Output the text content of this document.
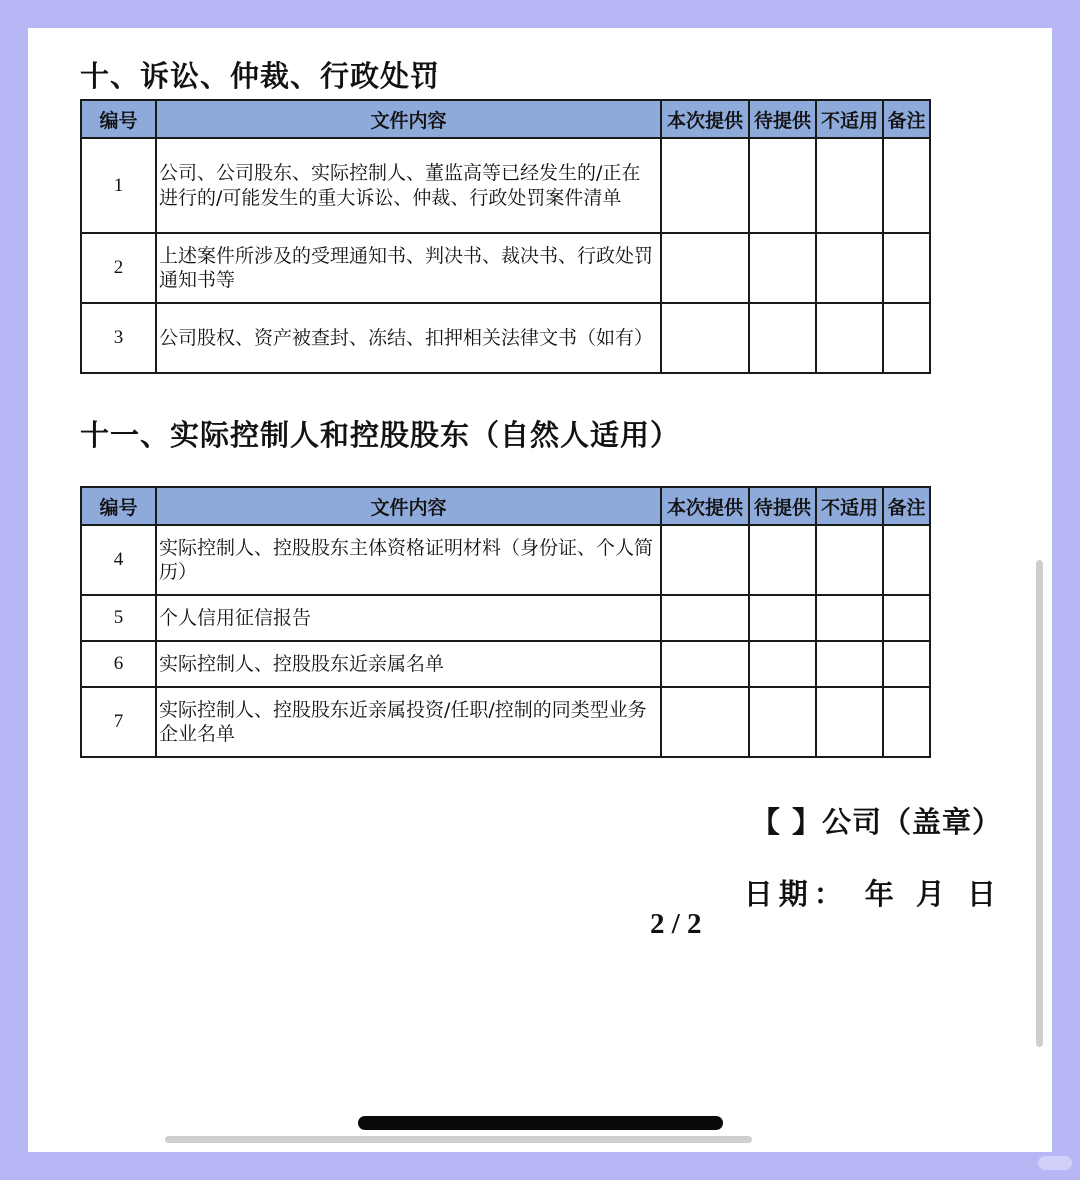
十、诉讼、仲裁、行政处罚
编号	文件内容	本次提供	待提供	不适用	备注
1	公司、公司股东、实际控制人、董监高等已经发生的/正在进行的/可能发生的重大诉讼、仲裁、行政处罚案件清单				
2	上述案件所涉及的受理通知书、判决书、裁决书、行政处罚通知书等				
3	公司股权、资产被查封、冻结、扣押相关法律文书（如有）				
十一、实际控制人和控股股东（自然人适用）
编号	文件内容	本次提供	待提供	不适用	备注
4	实际控制人、控股股东主体资格证明材料（身份证、个人简历）				
5	个人信用征信报告				
6	实际控制人、控股股东近亲属名单				
7	实际控制人、控股股东近亲属投资/任职/控制的同类型业务企业名单				
【 】公司（盖章）
日期： 年 月 日
2 / 2
